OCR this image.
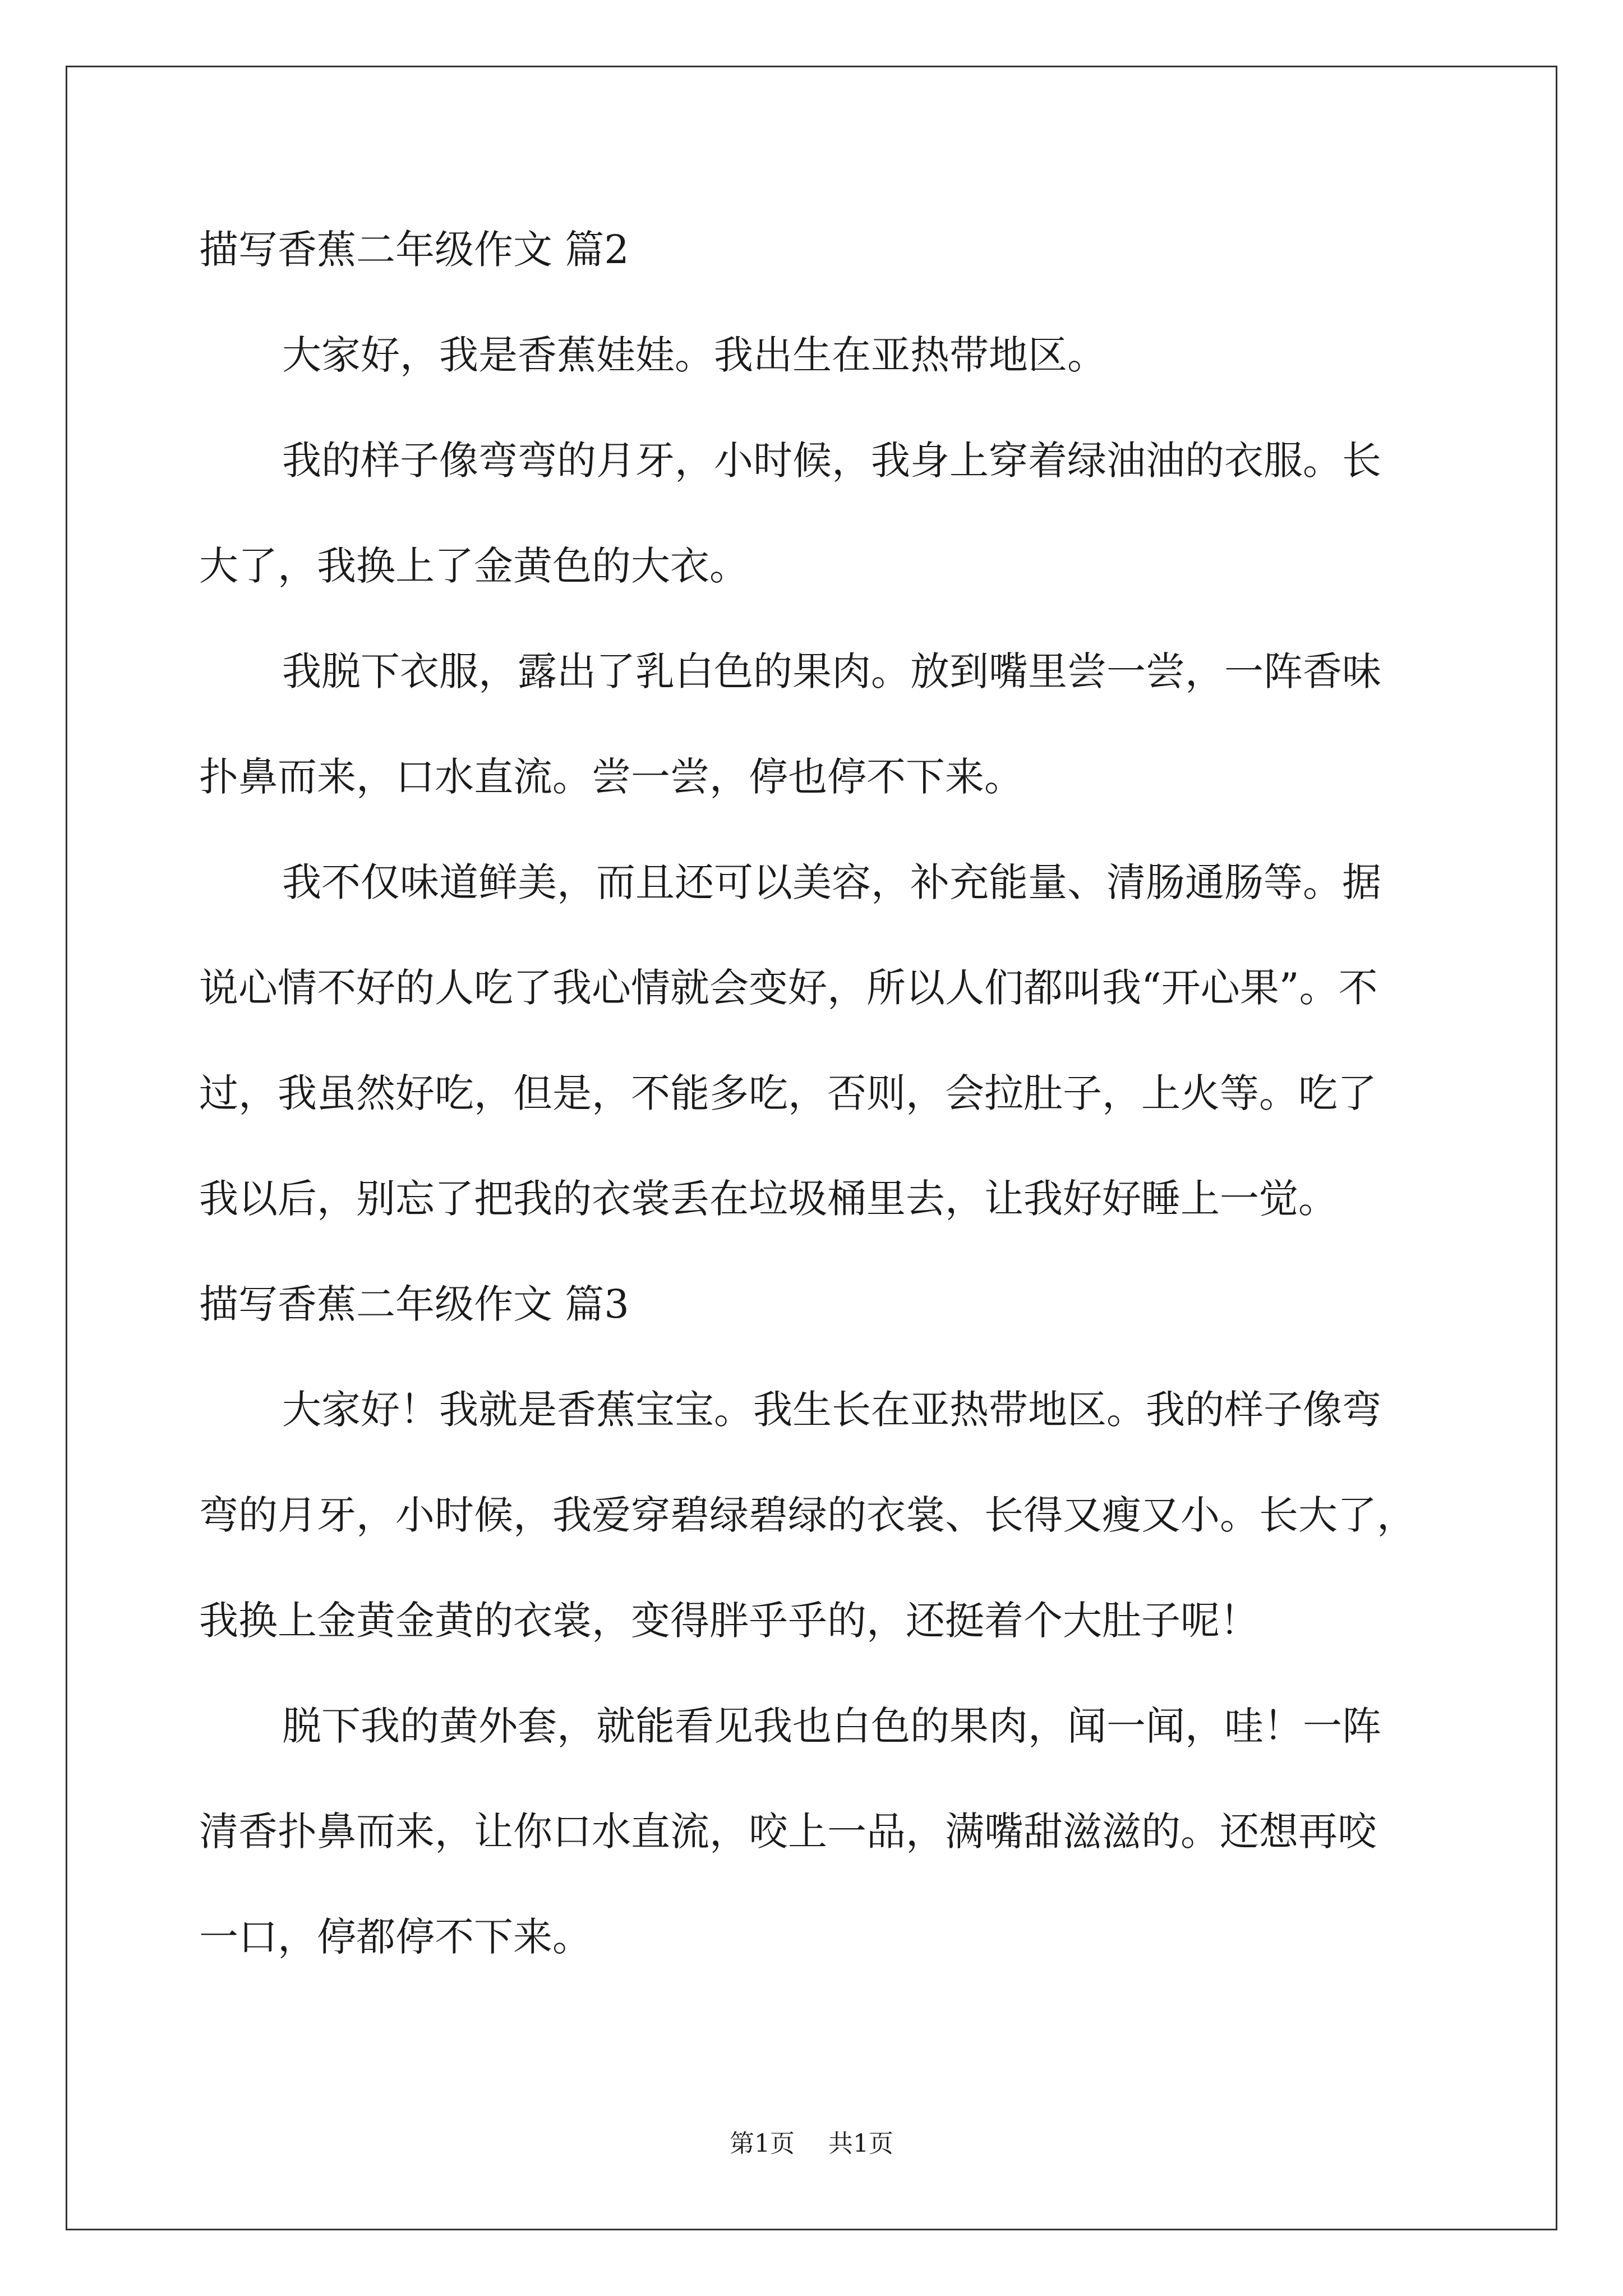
描写香蕉二年级作文 篇2
大家好，我是香蕉娃娃。我出生在亚热带地区。
我的样子像弯弯的月牙，小时候，我身上穿着绿油油的衣服。长
大了，我换上了金黄色的大衣。
我脱下衣服，露出了乳白色的果肉。放到嘴里尝一尝，一阵香味
扑鼻而来，口水直流。尝一尝，停也停不下来。
我不仅味道鲜美，而且还可以美容，补充能量、清肠通肠等。据
说心情不好的人吃了我心情就会变好，所以人们都叫我“开心果”。不
过，我虽然好吃，但是，不能多吃，否则，会拉肚子，上火等。吃了
我以后，别忘了把我的衣裳丢在垃圾桶里去，让我好好睡上一觉。
描写香蕉二年级作文 篇3
大家好！我就是香蕉宝宝。我生长在亚热带地区。我的样子像弯
弯的月牙，小时候，我爱穿碧绿碧绿的衣裳、长得又瘦又小。长大了，
我换上金黄金黄的衣裳，变得胖乎乎的，还挺着个大肚子呢！
脱下我的黄外套，就能看见我也白色的果肉，闻一闻，哇！一阵
清香扑鼻而来，让你口水直流，咬上一品，满嘴甜滋滋的。还想再咬
一口，停都停不下来。
第1页 共1页
